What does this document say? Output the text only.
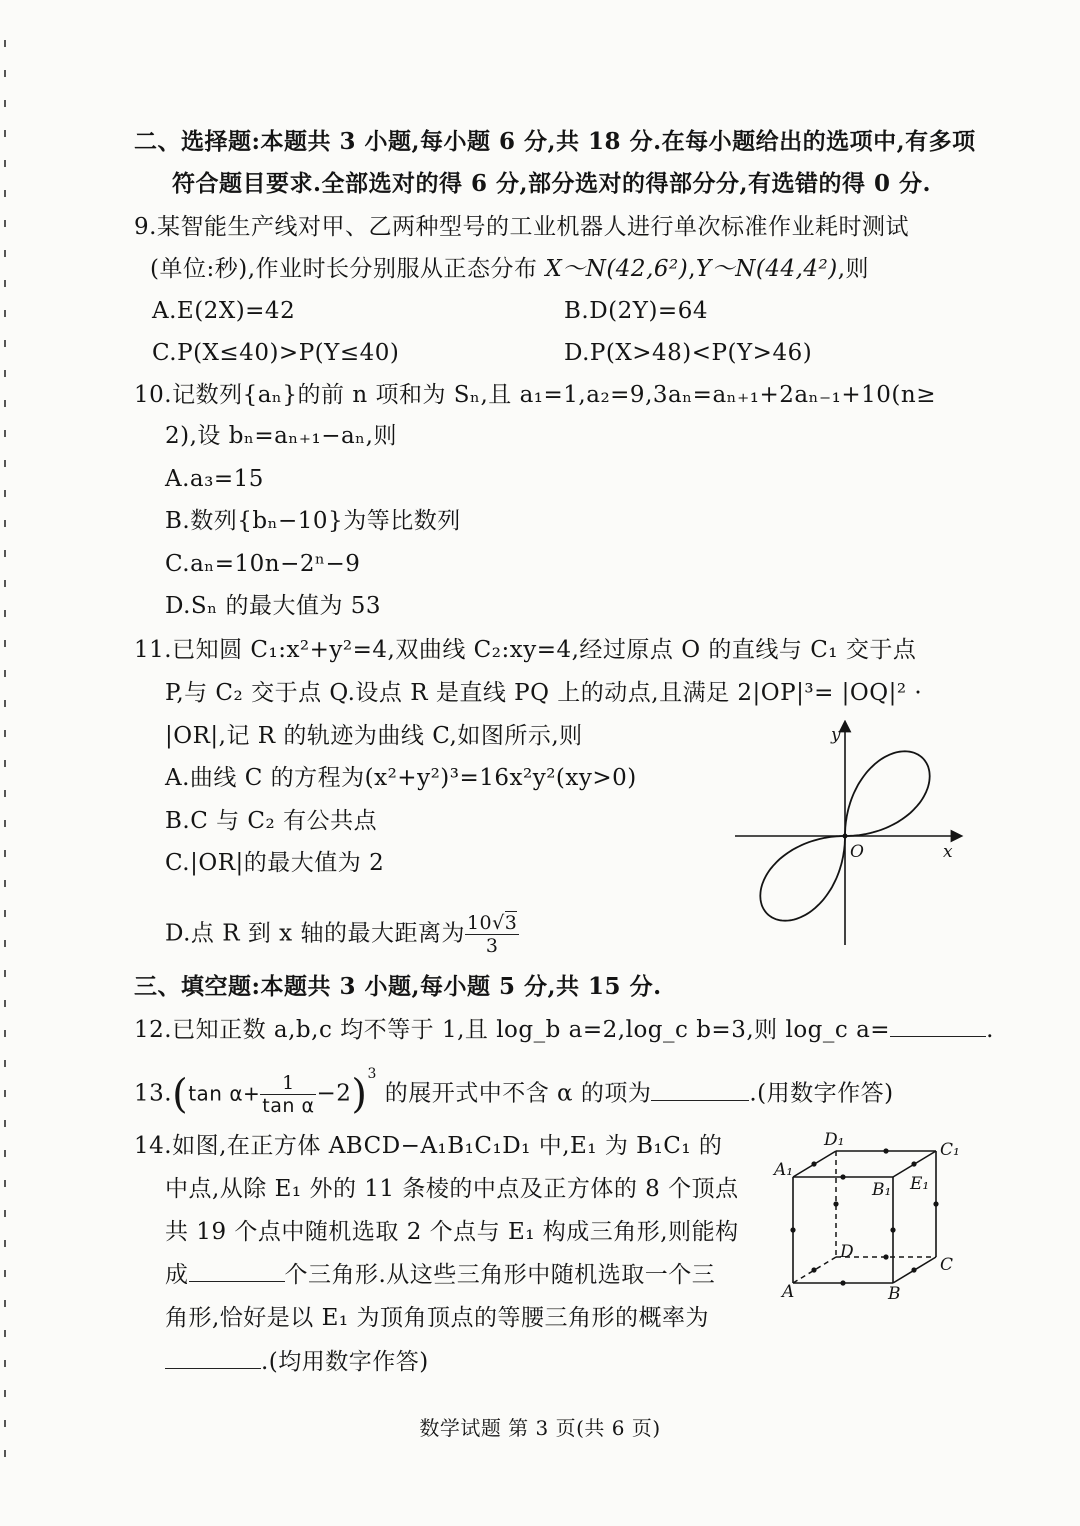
二、选择题:本题共 3 小题,每小题 6 分,共 18 分.在每小题给出的选项中,有多项
符合题目要求.全部选对的得 6 分,部分选对的得部分分,有选错的得 0 分.
9.某智能生产线对甲、乙两种型号的工业机器人进行单次标准作业耗时测试
(单位:秒),作业时长分别服从正态分布 X～N(42,6²),Y～N(44,4²),则
A.E(2X)=42	B.D(2Y)=64
C.P(X≤40)>P(Y≤40)	D.P(X>48)<P(Y>46)
10.记数列{aₙ}的前 n 项和为 Sₙ,且 a₁=1,a₂=9,3aₙ=aₙ₊₁+2aₙ₋₁+10(n≥
2),设 bₙ=aₙ₊₁−aₙ,则
A.a₃=15
B.数列{bₙ−10}为等比数列
C.aₙ=10n−2ⁿ−9
D.Sₙ 的最大值为 53
11.已知圆 C₁:x²+y²=4,双曲线 C₂:xy=4,经过原点 O 的直线与 C₁ 交于点
P,与 C₂ 交于点 Q.设点 R 是直线 PQ 上的动点,且满足 2|OP|³= |OQ|² ·
|OR|,记 R 的轨迹为曲线 C,如图所示,则
A.曲线 C 的方程为(x²+y²)³=16x²y²(xy>0)
B.C 与 C₂ 有公共点
C.|OR|的最大值为 2
D.点 R 到 x 轴的最大距离为 $\frac{10√3}{3}$
y
O	x
三、填空题:本题共 3 小题,每小题 5 分,共 15 分.
12.已知正数 a,b,c 均不等于 1,且 log_b a=2,log_c b=3,则 log_c a=	.
13.(tan $\alpha+ \frac{1}{\text{tan α}} -2)^3$ 的展开式中不含 α 的项为	.(用数字作答)
14.如图,在正方体 ABCD−A₁B₁C₁D₁ 中,E₁ 为 B₁C₁ 的
中点,从除 E₁ 外的 11 条棱的中点及正方体的 8 个顶点
共 19 个点中随机选取 2 个点与 E₁ 构成三角形,则能构
成	个三角形.从这些三角形中随机选取一个三
角形,恰好是以 E₁ 为顶角顶点的等腰三角形的概率为
.(均用数字作答)
D₁	C₁
A₁
B₁ E₁
D
C
A	B
数学试题 第 3 页(共 6 页)
